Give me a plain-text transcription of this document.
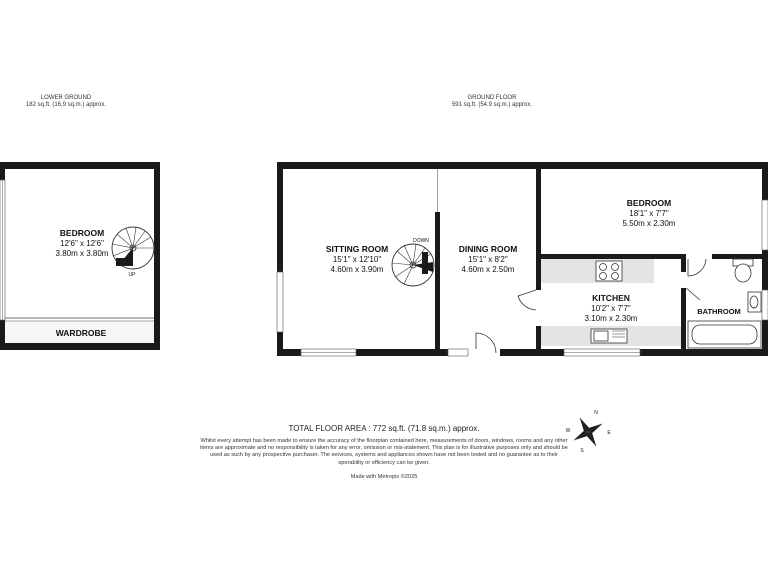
LOWER GROUND
182 sq.ft. (16.9 sq.m.) approx.
GROUND FLOOR
591 sq.ft. (54.9 sq.m.) approx.
UP
BEDROOM
12'6" x 12'6"
3.80m x 3.80m
WARDROBE
DOWN
SITTING ROOM
15'1" x 12'10"
4.60m x 3.90m
DINING ROOM
15'1" x 8'2"
4.60m x 2.50m
BEDROOM
18'1" x 7'7"
5.50m x 2.30m
KITCHEN
10'2" x 7'7"
3.10m x 2.30m
BATHROOM
N
E
S
W
TOTAL FLOOR AREA : 772 sq.ft. (71.8 sq.m.) approx.
Whilst every attempt has been made to ensure the accuracy of the floorplan contained here, measurements of doors, windows, rooms and any other items are approximate and no responsibility is taken for any error, omission or mis-statement. This plan is for illustrative purposes only and should be used as such by any prospective purchaser. The services, systems and appliances shown have not been tested and no guarantee as to their operability or efficiency can be given.
Made with Metropix ©2025
